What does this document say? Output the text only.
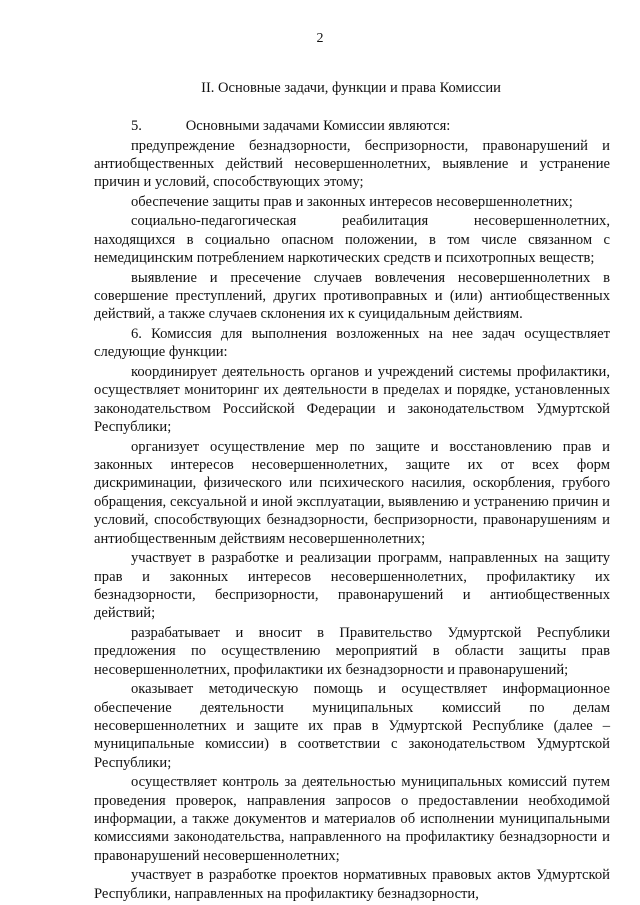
2
II. Основные задачи, функции и права Комиссии

5.   Основными задачами Комиссии являются:

предупреждение безнадзорности, беспризорности, правонарушений и антиобщественных действий несовершеннолетних, выявление и устранение причин и условий, способствующих этому;

обеспечение защиты прав и законных интересов несовершеннолетних;

социально-педагогическая реабилитация несовершеннолетних, находящихся в социально опасном положении, в том числе связанном с немедицинским потреблением наркотических средств и психотропных веществ;

выявление и пресечение случаев вовлечения несовершеннолетних в совершение преступлений, других противоправных и (или) антиобщественных действий, а также случаев склонения их к суицидальным действиям.

6. Комиссия для выполнения возложенных на нее задач осуществляет следующие функции:

координирует деятельность органов и учреждений системы профилактики, осуществляет мониторинг их деятельности в пределах и порядке, установленных законодательством Российской Федерации и законодательством Удмуртской Республики;

организует осуществление мер по защите и восстановлению прав и законных интересов несовершеннолетних, защите их от всех форм дискриминации, физического или психического насилия, оскорбления, грубого обращения, сексуальной и иной эксплуатации, выявлению и устранению причин и условий, способствующих безнадзорности, беспризорности, правонарушениям и антиобщественным действиям несовершеннолетних;

участвует в разработке и реализации программ, направленных на защиту прав и законных интересов несовершеннолетних, профилактику их безнадзорности, беспризорности, правонарушений и антиобщественных действий;

разрабатывает и вносит в Правительство Удмуртской Республики предложения по осуществлению мероприятий в области защиты прав несовершеннолетних, профилактики их безнадзорности и правонарушений;

оказывает методическую помощь и осуществляет информационное обеспечение деятельности муниципальных комиссий по делам несовершеннолетних и защите их прав в Удмуртской Республике (далее – муниципальные комиссии) в соответствии с законодательством Удмуртской Республики;

осуществляет контроль за деятельностью муниципальных комиссий путем проведения проверок, направления запросов о предоставлении необходимой информации, а также документов и материалов об исполнении муниципальными комиссиями законодательства, направленного на профилактику безнадзорности и правонарушений несовершеннолетних;

участвует в разработке проектов нормативных правовых актов Удмуртской Республики, направленных на профилактику безнадзорности,
